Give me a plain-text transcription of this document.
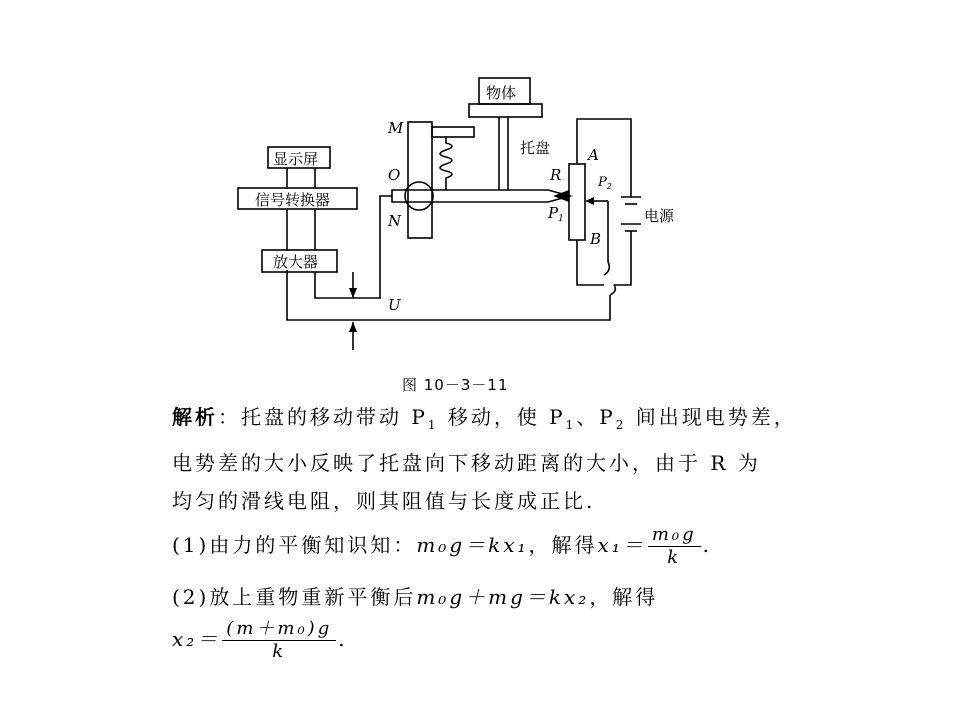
物体
托盘
显示屏
信号转换器
放大器
电源
M
O
N
U
A
B
R
$P_1$
$P_2$
图 10－3－11
解析：托盘的移动带动 $P_1$ 移动，使 $P_1$、$P_2$ 间出现电势差，
电势差的大小反映了托盘向下移动距离的大小，由于 R 为
均匀的滑线电阻，则其阻值与长度成正比.
(1)由力的平衡知识知：m₀g＝kx₁，解得$x_1= \frac{\text{m₀g}}{k}$ .
(2)放上重物重新平衡后m₀g＋mg＝kx₂，解得
$x_2= \frac{\text{(m＋m₀)g}}{k}$ .
